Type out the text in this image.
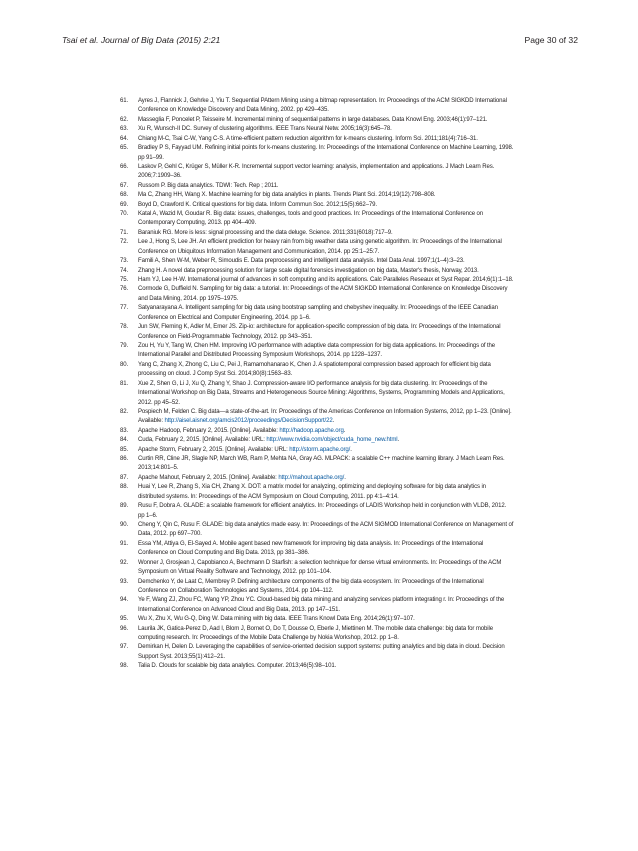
Tsai et al. Journal of Big Data (2015) 2:21	Page 30 of 32
61.	Ayres J, Flannick J, Gehrke J, Yiu T. Sequential PAttern Mining using a bitmap representation. In: Proceedings of the ACM SIGKDD International Conference on Knowledge Discovery and Data Mining, 2002. pp 429–435.
62.	Masseglia F, Poncelet P, Teisseire M. Incremental mining of sequential patterns in large databases. Data Knowl Eng. 2003;46(1):97–121.
63.	Xu R, Wunsch-II DC. Survey of clustering algorithms. IEEE Trans Neural Netw. 2005;16(3):645–78.
64.	Chiang M-C, Tsai C-W, Yang C-S. A time-efficient pattern reduction algorithm for k-means clustering. Inform Sci. 2011;181(4):716–31.
65.	Bradley P S, Fayyad UM. Refining initial points for k-means clustering. In: Proceedings of the International Conference on Machine Learning, 1998. pp 91–99.
66.	Laskov P, Gehl C, Krüger S, Müller K-R. Incremental support vector learning: analysis, implementation and applications. J Mach Learn Res. 2006;7:1909–36.
67.	Russom P. Big data analytics. TDWI: Tech. Rep ; 2011.
68.	Ma C, Zhang HH, Wang X. Machine learning for big data analytics in plants. Trends Plant Sci. 2014;19(12):798–808.
69.	Boyd D, Crawford K. Critical questions for big data. Inform Commun Soc. 2012;15(5):662–79.
70.	Katal A, Wazid M, Goudar R. Big data: issues, challenges, tools and good practices. In: Proceedings of the International Conference on Contemporary Computing, 2013. pp 404–409.
71.	Baraniuk RG. More is less: signal processing and the data deluge. Science. 2011;331(6018):717–9.
72.	Lee J, Hong S, Lee JH. An efficient prediction for heavy rain from big weather data using genetic algorithm. In: Proceedings of the International Conference on Ubiquitous Information Management and Communication, 2014. pp 25:1–25:7.
73.	Famili A, Shen W-M, Weber R, Simoudis E. Data preprocessing and intelligent data analysis. Intel Data Anal. 1997;1(1–4):3–23.
74.	Zhang H. A novel data preprocessing solution for large scale digital forensics investigation on big data, Master's thesis, Norway, 2013.
75.	Ham YJ, Lee H-W. International journal of advances in soft computing and its applications. Calc Paralleles Reseaux et Syst Repar. 2014;6(1):1–18.
76.	Cormode G, Duffield N. Sampling for big data: a tutorial. In: Proceedings of the ACM SIGKDD International Conference on Knowledge Discovery and Data Mining, 2014. pp 1975–1975.
77.	Satyanarayana A. Intelligent sampling for big data using bootstrap sampling and chebyshev inequality. In: Proceedings of the IEEE Canadian Conference on Electrical and Computer Engineering, 2014. pp 1–6.
78.	Jun SW, Fleming K, Adler M, Emer JS. Zip-io: architecture for application-specific compression of big data. In: Proceedings of the International Conference on Field-Programmable Technology, 2012. pp 343–351.
79.	Zou H, Yu Y, Tang W, Chen HM. Improving I/O performance with adaptive data compression for big data applications. In: Proceedings of the International Parallel and Distributed Processing Symposium Workshops, 2014. pp 1228–1237.
80.	Yang C, Zhang X, Zhong C, Liu C, Pei J, Ramamohanarao K, Chen J. A spatiotemporal compression based approach for efficient big data processing on cloud. J Comp Syst Sci. 2014;80(8):1563–83.
81.	Xue Z, Shen G, Li J, Xu Q, Zhang Y, Shao J. Compression-aware I/O performance analysis for big data clustering. In: Proceedings of the International Workshop on Big Data, Streams and Heterogeneous Source Mining: Algorithms, Systems, Programming Models and Applications, 2012. pp 45–52.
82.	Pospiech M, Felden C. Big data—a state-of-the-art. In: Proceedings of the Americas Conference on Information Systems, 2012, pp 1–23. [Online]. Available: http://aisel.aisnet.org/amcis2012/proceedings/DecisionSupport/22.
83.	Apache Hadoop, February 2, 2015. [Online]. Available: http://hadoop.apache.org.
84.	Cuda, February 2, 2015. [Online]. Available: URL: http://www.nvidia.com/object/cuda_home_new.html.
85.	Apache Storm, February 2, 2015. [Online]. Available: URL: http://storm.apache.org/.
86.	Curtin RR, Cline JR, Slagle NP, March WB, Ram P, Mehta NA, Gray AG. MLPACK: a scalable C++ machine learning library. J Mach Learn Res. 2013;14:801–5.
87.	Apache Mahout, February 2, 2015. [Online]. Available: http://mahout.apache.org/.
88.	Huai Y, Lee R, Zhang S, Xia CH, Zhang X. DOT: a matrix model for analyzing, optimizing and deploying software for big data analytics in distributed systems. In: Proceedings of the ACM Symposium on Cloud Computing, 2011. pp 4:1–4:14.
89.	Rusu F, Dobra A. GLADE: a scalable framework for efficient analytics. In: Proceedings of LADIS Workshop held in conjunction with VLDB, 2012. pp 1–6.
90.	Cheng Y, Qin C, Rusu F. GLADE: big data analytics made easy. In: Proceedings of the ACM SIGMOD International Conference on Management of Data, 2012. pp 697–700.
91.	Essa YM, Attiya G, El-Sayed A. Mobile agent based new framework for improving big data analysis. In: Proceedings of the International Conference on Cloud Computing and Big Data. 2013, pp 381–386.
92.	Wonner J, Grosjean J, Capobianco A, Bechmann D Starfish: a selection technique for dense virtual environments. In: Proceedings of the ACM Symposium on Virtual Reality Software and Technology, 2012. pp 101–104.
93.	Demchenko Y, de Laat C, Membrey P. Defining architecture components of the big data ecosystem. In: Proceedings of the International Conference on Collaboration Technologies and Systems, 2014. pp 104–112.
94.	Ye F, Wang ZJ, Zhou FC, Wang YP, Zhou YC. Cloud-based big data mining and analyzing services platform integrating r. In: Proceedings of the International Conference on Advanced Cloud and Big Data, 2013. pp 147–151.
95.	Wu X, Zhu X, Wu G-Q, Ding W. Data mining with big data. IEEE Trans Knowl Data Eng. 2014;26(1):97–107.
96.	Laurila JK, Gatica-Perez D, Aad I, Blom J, Bornet O, Do T, Dousse O, Eberle J, Miettinen M. The mobile data challenge: big data for mobile computing research. In: Proceedings of the Mobile Data Challenge by Nokia Workshop, 2012. pp 1–8.
97.	Demirkan H, Delen D. Leveraging the capabilities of service-oriented decision support systems: putting analytics and big data in cloud. Decision Support Syst. 2013;55(1):412–21.
98.	Talia D. Clouds for scalable big data analytics. Computer. 2013;46(5):98–101.
